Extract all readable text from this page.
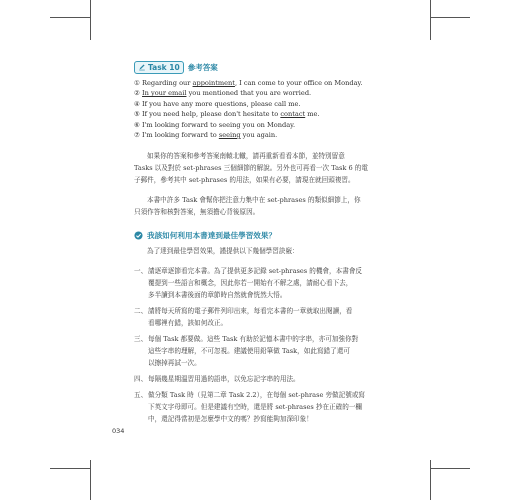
Task 10 參考答案
① Regarding our appointment, I can come to your office on Monday.
② In your email you mentioned that you are worried.
④ If you have any more questions, please call me.
⑤ If you need help, please don't hesitate to contact me.
⑥ I'm looking forward to seeing you on Monday.
⑦ I'm looking forward to seeing you again.

如果你的答案和參考答案南轅北轍，請再重新看看本節，並特別留意
Tasks 以及對於 set-phrases 三個細節的解說。另外也可再看一次 Task 6 的電
子郵件，參考其中 set-phrases 的用法，如果有必要，請現在就回頭複習。

本書中許多 Task 會幫你把注意力集中在 set-phrases 的類似細節上，你
只須作答和核對答案，無須擔心背後原因。

我該如何利用本書達到最佳學習效果？
為了達到最佳學習效果，謹提供以下幾個學習訣竅：
一、 請逐章逐節看完本書。為了提供更多記錄 set-phrases 的機會，本書會反
覆提到一些語言和概念，因此你若一開始有不解之處，請耐心看下去，
多半讀到本書後面的章節時自然就會恍然大悟。
二、 請將每天所寫的電子郵件列印出來，每看完本書的一章就取出閱讀，看
看哪裡有錯，該如何改正。
三、 每個 Task 都要做。這些 Task 有助於記憶本書中的字串，亦可加強你對
這些字串的理解，不可忽視。建議使用鉛筆做 Task，如此寫錯了還可
以擦掉再試一次。
四、 每隔幾星期溫習用過的語串，以免忘記字串的用法。
五、 做分類 Task 時（見第二章 Task 2.2），在每個 set-phrase 旁做記號或寫
下英文字母即可。但是建議有空時，還是將 set-phrases 抄在正確的一欄
中，還記得當初是怎麼學中文的嗎？抄寫能夠加深印象！
034
